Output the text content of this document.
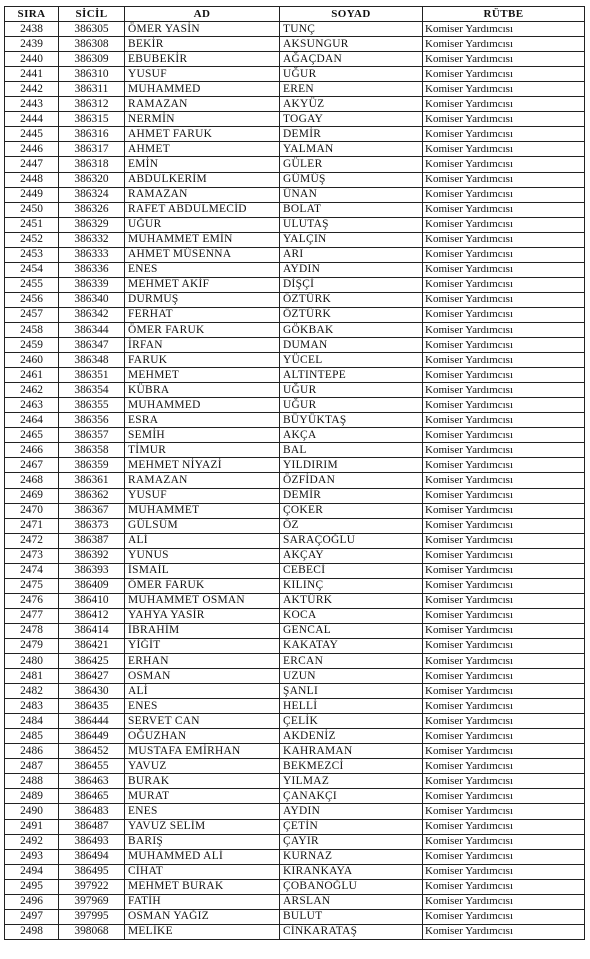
SIRA	SİCİL	AD	SOYAD	RÜTBE
2438	386305	ÖMER YASİN	TUNÇ	Komiser Yardımcısı
2439	386308	BEKİR	AKSUNGUR	Komiser Yardımcısı
2440	386309	EBUBEKİR	AĞAÇDAN	Komiser Yardımcısı
2441	386310	YUSUF	UĞUR	Komiser Yardımcısı
2442	386311	MUHAMMED	EREN	Komiser Yardımcısı
2443	386312	RAMAZAN	AKYÜZ	Komiser Yardımcısı
2444	386315	NERMİN	TOGAY	Komiser Yardımcısı
2445	386316	AHMET FARUK	DEMİR	Komiser Yardımcısı
2446	386317	AHMET	YALMAN	Komiser Yardımcısı
2447	386318	EMİN	GÜLER	Komiser Yardımcısı
2448	386320	ABDULKERİM	GÜMÜŞ	Komiser Yardımcısı
2449	386324	RAMAZAN	ÜNAN	Komiser Yardımcısı
2450	386326	RAFET ABDULMECİD	BOLAT	Komiser Yardımcısı
2451	386329	UĞUR	ULUTAŞ	Komiser Yardımcısı
2452	386332	MUHAMMET EMİN	YALÇIN	Komiser Yardımcısı
2453	386333	AHMET MÜSENNA	ARI	Komiser Yardımcısı
2454	386336	ENES	AYDIN	Komiser Yardımcısı
2455	386339	MEHMET AKİF	DİŞÇİ	Komiser Yardımcısı
2456	386340	DURMUŞ	ÖZTÜRK	Komiser Yardımcısı
2457	386342	FERHAT	ÖZTÜRK	Komiser Yardımcısı
2458	386344	ÖMER FARUK	GÖKBAK	Komiser Yardımcısı
2459	386347	İRFAN	DUMAN	Komiser Yardımcısı
2460	386348	FARUK	YÜCEL	Komiser Yardımcısı
2461	386351	MEHMET	ALTINTEPE	Komiser Yardımcısı
2462	386354	KÜBRA	UĞUR	Komiser Yardımcısı
2463	386355	MUHAMMED	UĞUR	Komiser Yardımcısı
2464	386356	ESRA	BÜYÜKTAŞ	Komiser Yardımcısı
2465	386357	SEMİH	AKÇA	Komiser Yardımcısı
2466	386358	TİMUR	BAL	Komiser Yardımcısı
2467	386359	MEHMET NİYAZİ	YILDIRIM	Komiser Yardımcısı
2468	386361	RAMAZAN	ÖZFİDAN	Komiser Yardımcısı
2469	386362	YUSUF	DEMİR	Komiser Yardımcısı
2470	386367	MUHAMMET	ÇOKER	Komiser Yardımcısı
2471	386373	GÜLSÜM	ÖZ	Komiser Yardımcısı
2472	386387	ALİ	SARAÇOĞLU	Komiser Yardımcısı
2473	386392	YUNUS	AKÇAY	Komiser Yardımcısı
2474	386393	İSMAİL	CEBECİ	Komiser Yardımcısı
2475	386409	ÖMER FARUK	KILINÇ	Komiser Yardımcısı
2476	386410	MUHAMMET OSMAN	AKTÜRK	Komiser Yardımcısı
2477	386412	YAHYA YASİR	KOCA	Komiser Yardımcısı
2478	386414	İBRAHİM	GENCAL	Komiser Yardımcısı
2479	386421	YİĞİT	KAKATAY	Komiser Yardımcısı
2480	386425	ERHAN	ERCAN	Komiser Yardımcısı
2481	386427	OSMAN	UZUN	Komiser Yardımcısı
2482	386430	ALİ	ŞANLI	Komiser Yardımcısı
2483	386435	ENES	HELLİ	Komiser Yardımcısı
2484	386444	SERVET CAN	ÇELİK	Komiser Yardımcısı
2485	386449	OĞUZHAN	AKDENİZ	Komiser Yardımcısı
2486	386452	MUSTAFA EMİRHAN	KAHRAMAN	Komiser Yardımcısı
2487	386455	YAVUZ	BEKMEZCİ	Komiser Yardımcısı
2488	386463	BURAK	YILMAZ	Komiser Yardımcısı
2489	386465	MURAT	ÇANAKÇI	Komiser Yardımcısı
2490	386483	ENES	AYDIN	Komiser Yardımcısı
2491	386487	YAVUZ SELİM	ÇETİN	Komiser Yardımcısı
2492	386493	BARIŞ	ÇAYIR	Komiser Yardımcısı
2493	386494	MUHAMMED ALİ	KURNAZ	Komiser Yardımcısı
2494	386495	CİHAT	KIRANKAYA	Komiser Yardımcısı
2495	397922	MEHMET BURAK	ÇOBANOĞLU	Komiser Yardımcısı
2496	397969	FATİH	ARSLAN	Komiser Yardımcısı
2497	397995	OSMAN YAĞIZ	BULUT	Komiser Yardımcısı
2498	398068	MELİKE	CİNKARATAŞ	Komiser Yardımcısı
